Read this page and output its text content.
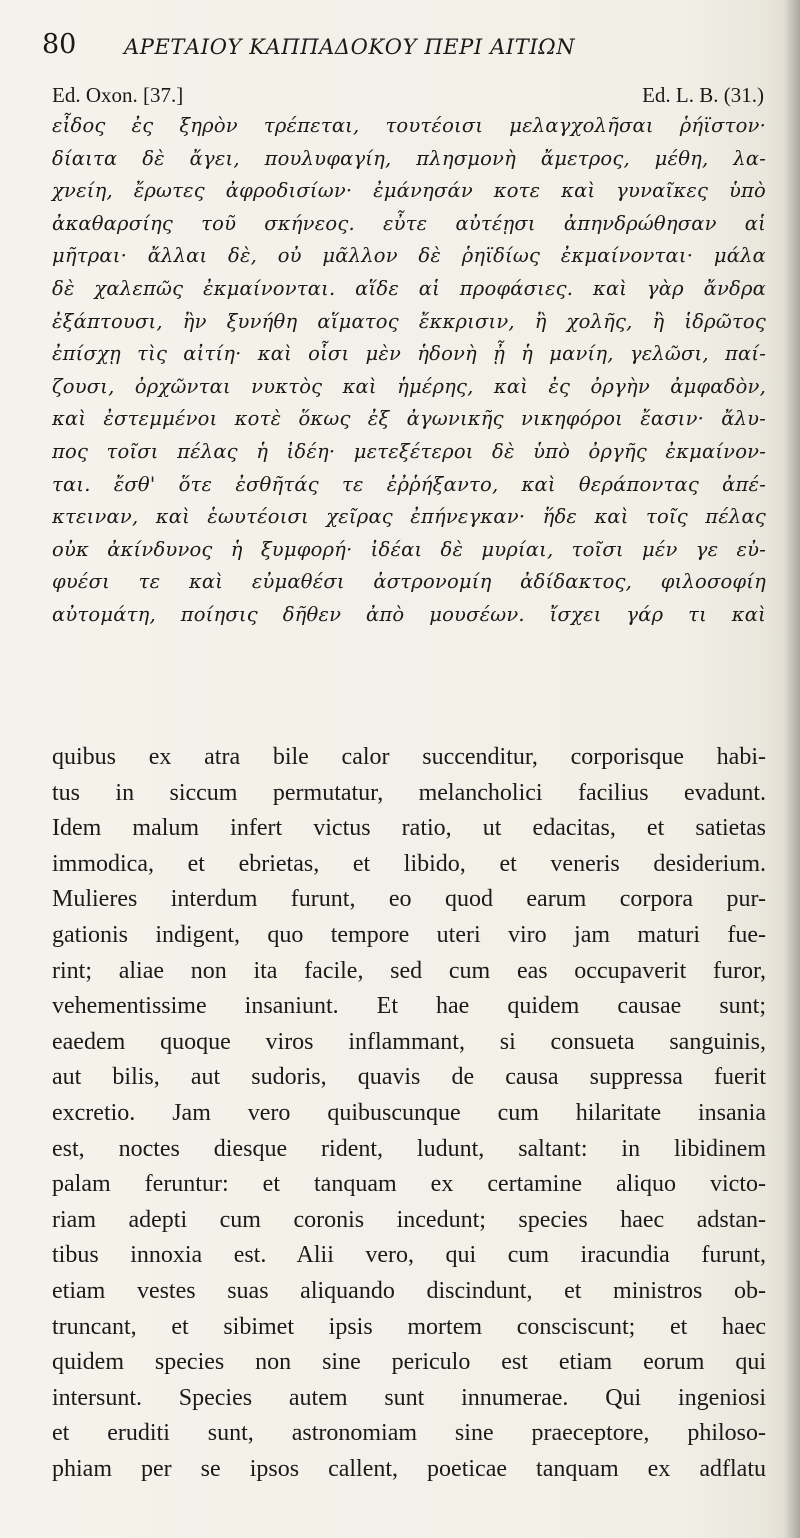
80 ΑΡΕΤΑΙΟΥ ΚΑΠΠΑΔΟΚΟΥ ΠΕΡΙ ΑΙΤΙΩΝ
Ed. Oxon. [37.]	Ed. L. B. (31.)
εἶδος ἐς ξηρὸν τρέπεται, τουτέοισι μελαγχολῆσαι ῥήϊστον·
δίαιτα δὲ ἄγει, πουλυφαγίη, πλησμονὴ ἄμετρος, μέθη, λα-
χνείη, ἔρωτες ἀφροδισίων· ἐμάνησάν κοτε καὶ γυναῖκες ὑπὸ
ἀκαθαρσίης τοῦ σκήνεος. εὖτε αὐτέῃσι ἀπηνδρώθησαν αἱ
μῆτραι· ἄλλαι δὲ, οὐ μᾶλλον δὲ ῥηϊδίως ἐκμαίνονται· μάλα
δὲ χαλεπῶς ἐκμαίνονται. αἵδε αἱ προφάσιες. καὶ γὰρ ἄνδρα
ἐξάπτουσι, ἢν ξυνήθη αἵματος ἔκκρισιν, ἢ χολῆς, ἢ ἱδρῶτος
ἐπίσχῃ τὶς αἰτίη· καὶ οἷσι μὲν ἡδονὴ ᾖ ἡ μανίη, γελῶσι, παί-
ζουσι, ὀρχῶνται νυκτὸς καὶ ἡμέρης, καὶ ἐς ὀργὴν ἀμφαδὸν,
καὶ ἐστεμμένοι κοτὲ ὅκως ἐξ ἀγωνικῆς νικηφόροι ἔασιν· ἄλυ-
πος τοῖσι πέλας ἡ ἰδέη· μετεξέτεροι δὲ ὑπὸ ὀργῆς ἐκμαίνον-
ται. ἔσθ' ὅτε ἐσθῆτάς τε ἐῤῥήξαντο, καὶ θεράποντας ἀπέ-
κτειναν, καὶ ἑωυτέοισι χεῖρας ἐπήνεγκαν· ἥδε καὶ τοῖς πέλας
οὐκ ἀκίνδυνος ἡ ξυμφορή· ἰδέαι δὲ μυρίαι, τοῖσι μέν γε εὐ-
φυέσι τε καὶ εὐμαθέσι ἀστρονομίη ἀδίδακτος, φιλοσοφίη
αὐτομάτη, ποίησις δῆθεν ἀπὸ μουσέων. ἴσχει γάρ τι καὶ
quibus ex atra bile calor succenditur, corporisque habi-
tus in siccum permutatur, melancholici facilius evadunt.
Idem malum infert victus ratio, ut edacitas, et satietas
immodica, et ebrietas, et libido, et veneris desiderium.
Mulieres interdum furunt, eo quod earum corpora pur-
gationis indigent, quo tempore uteri viro jam maturi fue-
rint; aliae non ita facile, sed cum eas occupaverit furor,
vehementissime insaniunt. Et hae quidem causae sunt;
eaedem quoque viros inflammant, si consueta sanguinis,
aut bilis, aut sudoris, quavis de causa suppressa fuerit
excretio. Jam vero quibuscunque cum hilaritate insania
est, noctes diesque rident, ludunt, saltant: in libidinem
palam feruntur: et tanquam ex certamine aliquo victo-
riam adepti cum coronis incedunt; species haec adstan-
tibus innoxia est. Alii vero, qui cum iracundia furunt,
etiam vestes suas aliquando discindunt, et ministros ob-
truncant, et sibimet ipsis mortem consciscunt; et haec
quidem species non sine periculo est etiam eorum qui
intersunt. Species autem sunt innumerae. Qui ingeniosi
et eruditi sunt, astronomiam sine praeceptore, philoso-
phiam per se ipsos callent, poeticae tanquam ex adflatu
